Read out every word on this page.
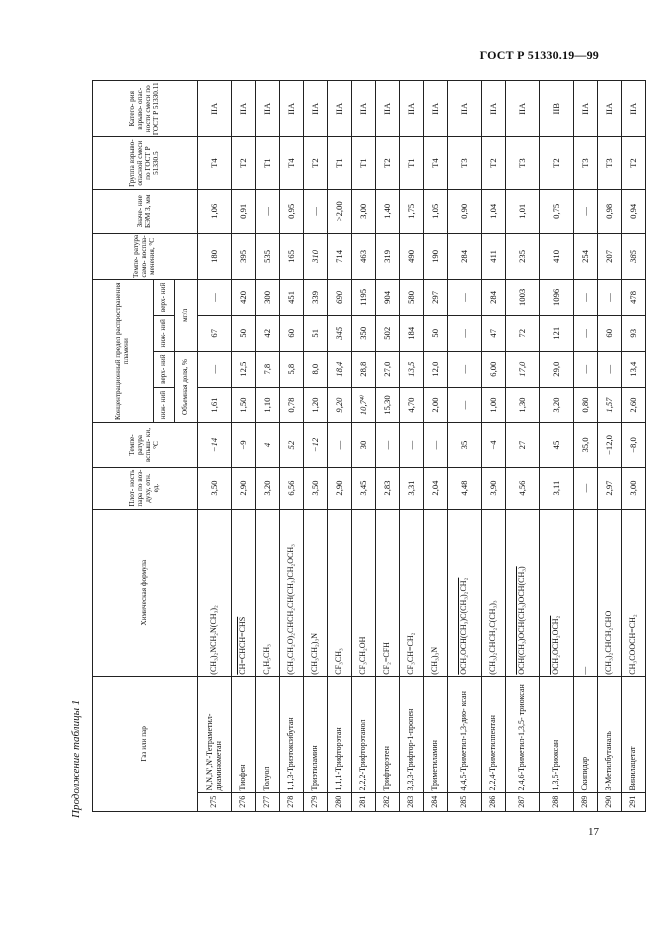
ГОСТ Р 51330.19—99
Продолжение таблицы 1
17
Газ или пар		Химическая формула	Плот- ность пара по воз- духу, отн. ед.	Темпе- ратура вспыш- ки, °С	Концентрационный предел распространения пламени				Темпе- ратура само- воспла- менения, °С	Значе- ние БЭМ З, мм	Группа взрыво- опасной смеси по ГОСТ Р 51330.5	Катего- рия взрыво- опас- ности смеси по ГОСТ Р 51330.11
					ниж- ний	верх- ний	ниж- ний	верх- ний				
					Объемная доля, %		мг/л					
275	N,N,N',N'-Тетраметил- диаминометан	(CH₃)₂NCH₂N(CH₃)₂	3,50	−14	1,61	—	67	—	180	1,06	T4	IIA
276	Тиофен	CH=CHCH=CHS	2,90	−9	1,50	12,5	50	420	395	0,91	T2	IIA
277	Толуол	C₆H₅CH₃	3,20	4	1,10	7,8	42	300	535	—	T1	IIA
278	1,1,3-Триэтоксибутан	(CH₃CH₂O)₂CHCH₂CH(CH₃)CH₂OCH₃	6,56	52	0,78	5,8	60	451	165	0,95	T4	IIA
279	Триэтиламин	(CH₃CH₂)₃N	3,50	−12	1,20	8,0	51	339	310	—	T2	IIA
280	1,1,1-Трифторэтан	CF₃CH₃	2,90	—	9,20	18,4	345	690	714	>2,00	T1	IIA
281	2,2,2-Трифторэтанол	CF₃CH₂OH	3,45	30	10,7⁴⁾	28,8	350	1195	463	3,00	T1	IIA
282	Трифторэтен	CF₂=CFH	2,83	—	15,30	27,0	502	904	319	1,40	T2	IIA
283	3,3,3-Трифтор-1-пропен	CF₃CH=CH₂	3,31	—	4,70	13,5	184	580	490	1,75	T1	IIA
284	Триметиламин	(CH₃)₃N	2,04	—	2,00	12,0	50	297	190	1,05	T4	IIA
285	4,4,5-Триметил-1,3-дио- ксан	OCH₂OCH(CH₃)C(CH₃)₂CH₂	4,48	35	—	—	—	—	284	0,90	T3	IIA
286	2,2,4-Триметилпентан	(CH₃)₂CHCH₂C(CH₃)₃	3,90	−4	1,00	6,00	47	284	411	1,04	T2	IIA
287	2,4,6-Триметил-1,3,5- триоксан	OCH(CH₃)OCH(CH₃)OCH(CH₃)	4,56	27	1,30	17,0	72	1003	235	1,01	T3	IIA
288	1,3,5-Триоксан	OCH₂OCH₂OCH₂	3,11	45	3,20	29,0	121	1096	410	0,75	T2	IIB
289	Скипидар	—	—	35,0	0,80	—	—	—	254	—	T3	IIA
290	3-Метилбутаналь	(CH₃)₂CHCH₂CHO	2,97	−12,0	1,57	—	60	—	207	0,98	T3	IIA
291	Винилацетат	CH₃COOCH=CH₂	3,00	−8,0	2,60	13,4	93	478	385	0,94	T2	IIA
